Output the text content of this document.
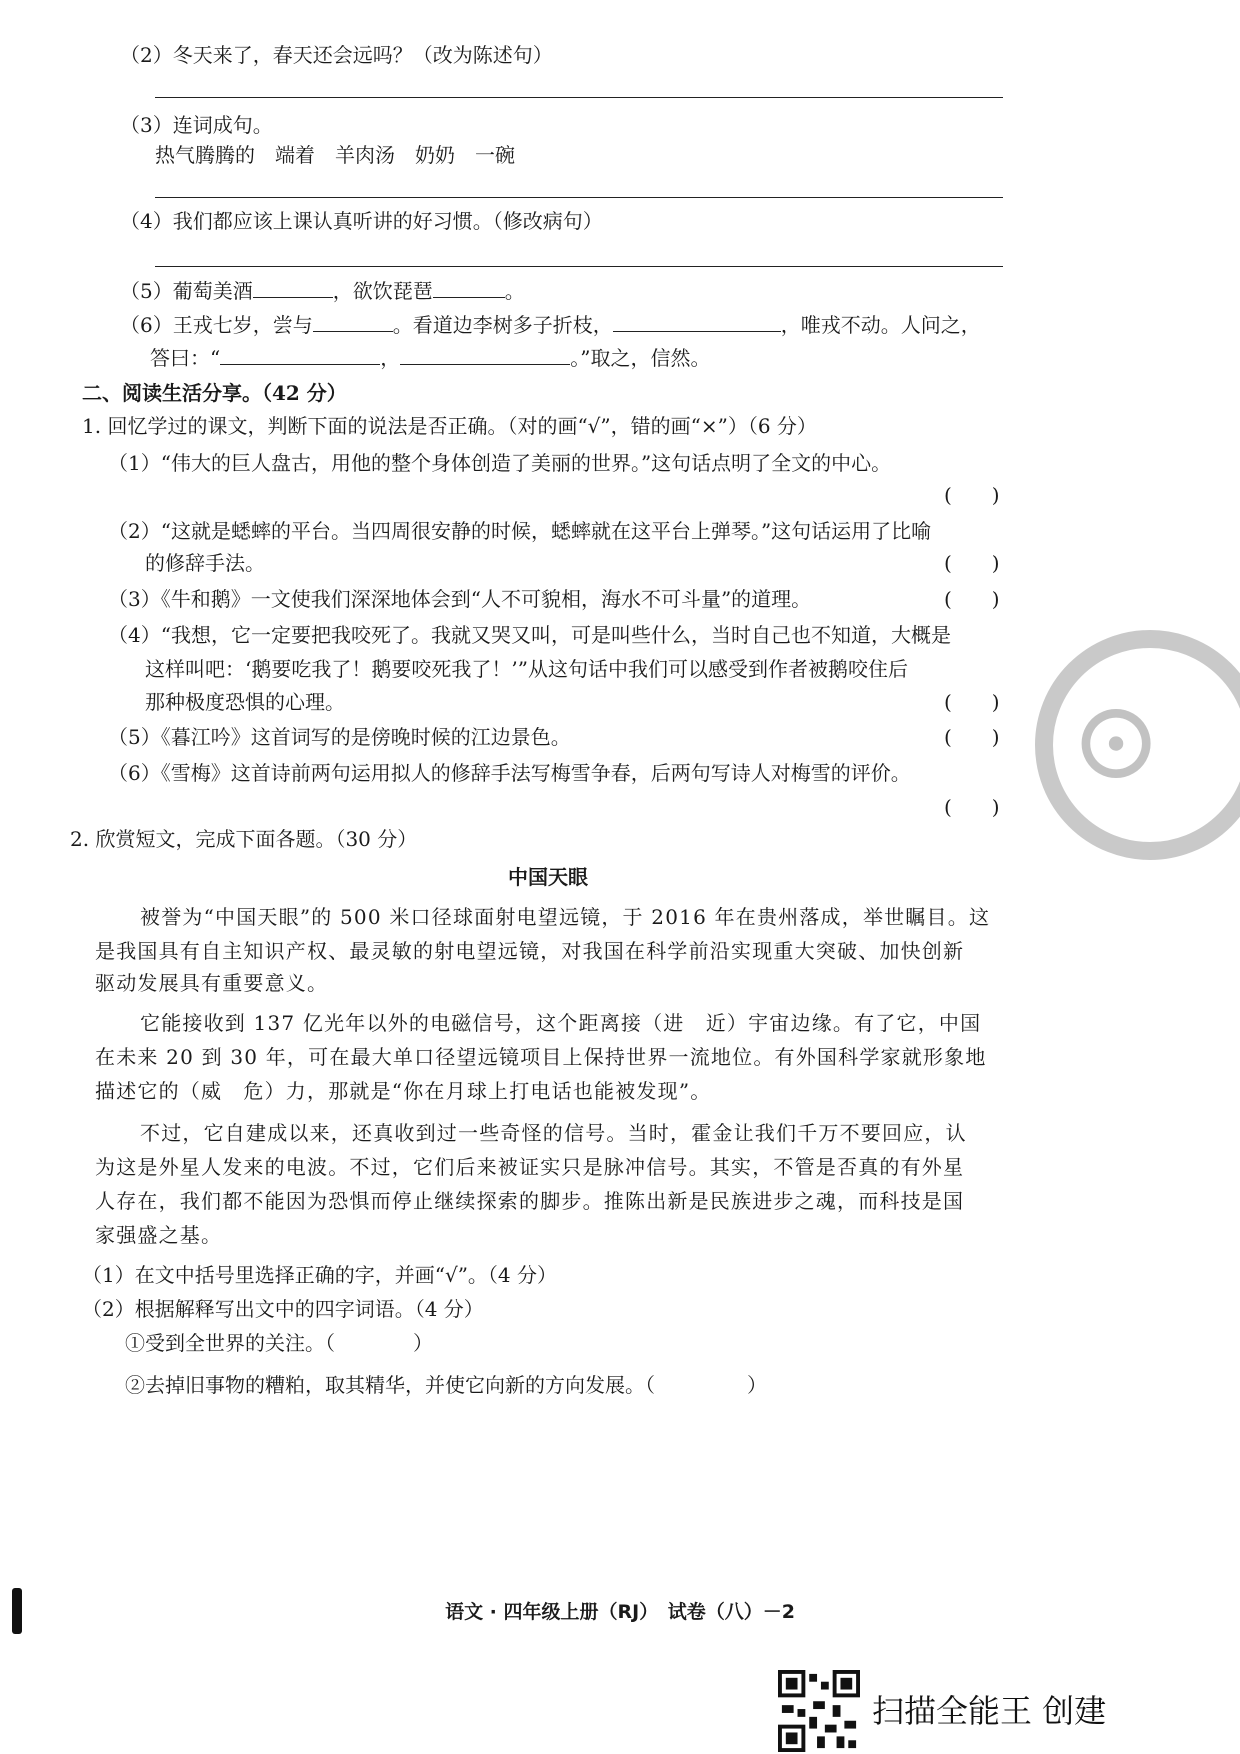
（2）冬天来了，春天还会远吗？（改为陈述句）
（3）连词成句。
热气腾腾的　端着　羊肉汤　奶奶　一碗
（4）我们都应该上课认真听讲的好习惯。（修改病句）
（5）葡萄美酒	，欲饮琵琶	。
（6）王戎七岁，尝与	。看道边李树多子折枝，	，唯戎不动。人问之，
答曰：“	，	。”取之，信然。
二、阅读生活分享。（42 分）
1. 回忆学过的课文，判断下面的说法是否正确。（对的画“√”，错的画“×”）（6 分）
（1）“伟大的巨人盘古，用他的整个身体创造了美丽的世界。”这句话点明了全文的中心。
(　　)
（2）“这就是蟋蟀的平台。当四周很安静的时候，蟋蟀就在这平台上弹琴。”这句话运用了比喻
的修辞手法。	(　　)
（3）《牛和鹅》一文使我们深深地体会到“人不可貌相，海水不可斗量”的道理。	(　　)
（4）“我想，它一定要把我咬死了。我就又哭又叫，可是叫些什么，当时自己也不知道，大概是
这样叫吧：‘鹅要吃我了！鹅要咬死我了！’”从这句话中我们可以感受到作者被鹅咬住后
那种极度恐惧的心理。	(　　)
（5）《暮江吟》这首词写的是傍晚时候的江边景色。	(　　)
（6）《雪梅》这首诗前两句运用拟人的修辞手法写梅雪争春，后两句写诗人对梅雪的评价。
(　　)
⊙
2. 欣赏短文，完成下面各题。（30 分）
中国天眼
被誉为“中国天眼”的 500 米口径球面射电望远镜，于 2016 年在贵州落成，举世瞩目。这
是我国具有自主知识产权、最灵敏的射电望远镜，对我国在科学前沿实现重大突破、加快创新
驱动发展具有重要意义。
它能接收到 137 亿光年以外的电磁信号，这个距离接（进　近）宇宙边缘。有了它，中国
在未来 20 到 30 年，可在最大单口径望远镜项目上保持世界一流地位。有外国科学家就形象地
描述它的（威　危）力，那就是“你在月球上打电话也能被发现”。
不过，它自建成以来，还真收到过一些奇怪的信号。当时，霍金让我们千万不要回应，认
为这是外星人发来的电波。不过，它们后来被证实只是脉冲信号。其实，不管是否真的有外星
人存在，我们都不能因为恐惧而停止继续探索的脚步。推陈出新是民族进步之魂，而科技是国
家强盛之基。
（1）在文中括号里选择正确的字，并画“√”。（4 分）
（2）根据解释写出文中的四字词语。（4 分）
①受到全世界的关注。（	）
②去掉旧事物的糟粕，取其精华，并使它向新的方向发展。（	）
语文 · 四年级上册（RJ）　试卷（八）－2
扫描全能王 创建
